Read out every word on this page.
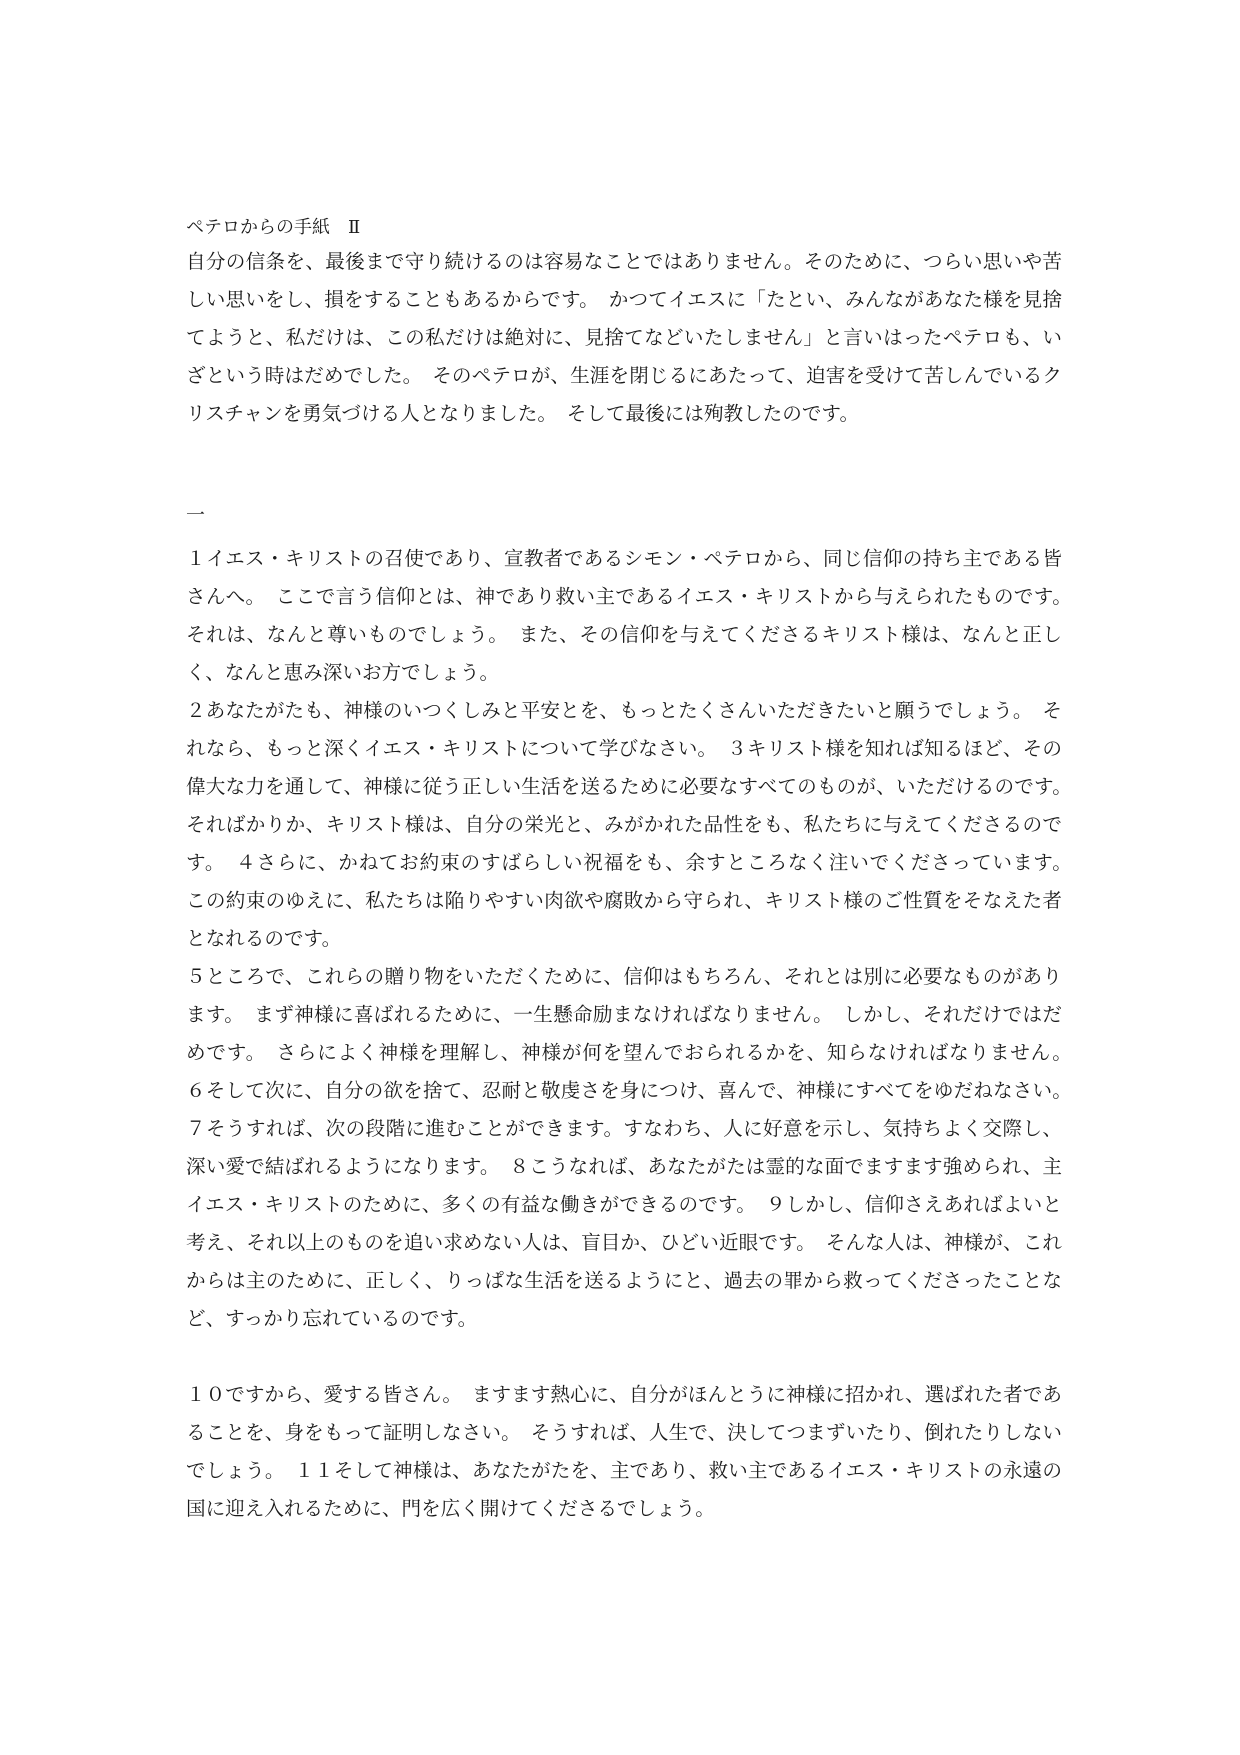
ペテロからの手紙　Ⅱ

自分の信条を、最後まで守り続けるのは容易なことではありません。そのために、つらい思いや苦しい思いをし、損をすることもあるからです。　かつてイエスに「たとい、みんながあなた様を見捨てようと、私だけは、この私だけは絶対に、見捨てなどいたしません」と言いはったペテロも、いざという時はだめでした。　そのペテロが、生涯を閉じるにあたって、迫害を受けて苦しんでいるクリスチャンを勇気づける人となりました。　そして最後には殉教したのです。

一

１イエス・キリストの召使であり、宣教者であるシモン・ペテロから、同じ信仰の持ち主である皆さんへ。　ここで言う信仰とは、神であり救い主であるイエス・キリストから与えられたものです。　それは、なんと尊いものでしょう。　また、その信仰を与えてくださるキリスト様は、なんと正しく、なんと恵み深いお方でしょう。

２あなたがたも、神様のいつくしみと平安とを、もっとたくさんいただきたいと願うでしょう。　それなら、もっと深くイエス・キリストについて学びなさい。　３キリスト様を知れば知るほど、その偉大な力を通して、神様に従う正しい生活を送るために必要なすべてのものが、いただけるのです。　そればかりか、キリスト様は、自分の栄光と、みがかれた品性をも、私たちに与えてくださるのです。　４さらに、かねてお約束のすばらしい祝福をも、余すところなく注いでくださっています。　この約束のゆえに、私たちは陥りやすい肉欲や腐敗から守られ、キリスト様のご性質をそなえた者となれるのです。

５ところで、これらの贈り物をいただくために、信仰はもちろん、それとは別に必要なものがあります。　まず神様に喜ばれるために、一生懸命励まなければなりません。　しかし、それだけではだめです。　さらによく神様を理解し、神様が何を望んでおられるかを、知らなければなりません。　６そして次に、自分の欲を捨て、忍耐と敬虔さを身につけ、喜んで、神様にすべてをゆだねなさい。　７そうすれば、次の段階に進むことができます。すなわち、人に好意を示し、気持ちよく交際し、深い愛で結ばれるようになります。　８こうなれば、あなたがたは霊的な面でますます強められ、主イエス・キリストのために、多くの有益な働きができるのです。　９しかし、信仰さえあればよいと考え、それ以上のものを追い求めない人は、盲目か、ひどい近眼です。　そんな人は、神様が、これからは主のために、正しく、りっぱな生活を送るようにと、過去の罪から救ってくださったことなど、すっかり忘れているのです。

１０ですから、愛する皆さん。　ますます熱心に、自分がほんとうに神様に招かれ、選ばれた者であることを、身をもって証明しなさい。　そうすれば、人生で、決してつまずいたり、倒れたりしないでしょう。　１１そして神様は、あなたがたを、主であり、救い主であるイエス・キリストの永遠の国に迎え入れるために、門を広く開けてくださるでしょう。
